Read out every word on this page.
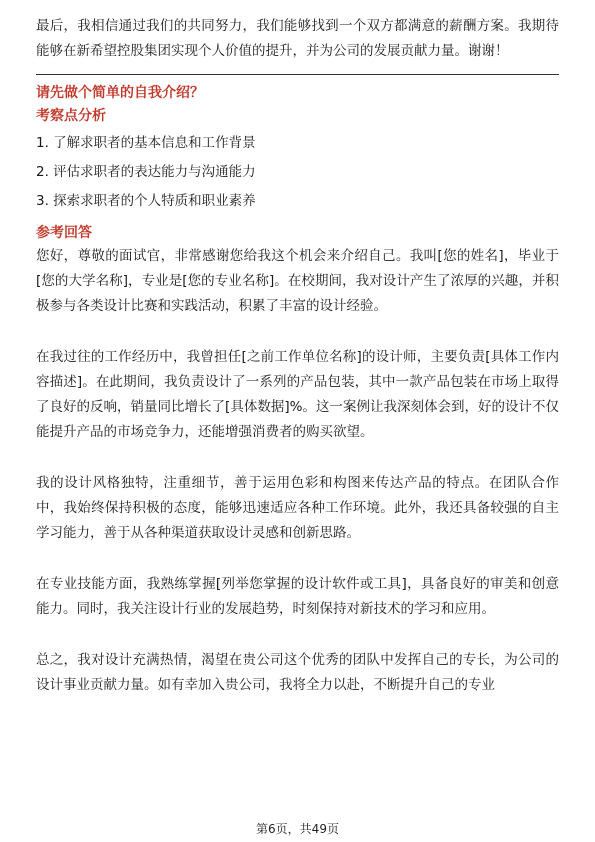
最后，我相信通过我们的共同努力，我们能够找到一个双方都满意的薪酬方案。我期待能够在新希望控股集团实现个人价值的提升，并为公司的发展贡献力量。谢谢！

请先做个简单的自我介绍？

考察点分析

1. 了解求职者的基本信息和工作背景
2. 评估求职者的表达能力与沟通能力
3. 探索求职者的个人特质和职业素养

参考回答

您好，尊敬的面试官，非常感谢您给我这个机会来介绍自己。我叫[您的姓名]，毕业于[您的大学名称]，专业是[您的专业名称]。在校期间，我对设计产生了浓厚的兴趣，并积极参与各类设计比赛和实践活动，积累了丰富的设计经验。

在我过往的工作经历中，我曾担任[之前工作单位名称]的设计师，主要负责[具体工作内容描述]。在此期间，我负责设计了一系列的产品包装，其中一款产品包装在市场上取得了良好的反响，销量同比增长了[具体数据]%。这一案例让我深刻体会到，好的设计不仅能提升产品的市场竞争力，还能增强消费者的购买欲望。

我的设计风格独特，注重细节，善于运用色彩和构图来传达产品的特点。在团队合作中，我始终保持积极的态度，能够迅速适应各种工作环境。此外，我还具备较强的自主学习能力，善于从各种渠道获取设计灵感和创新思路。

在专业技能方面，我熟练掌握[列举您掌握的设计软件或工具]，具备良好的审美和创意能力。同时，我关注设计行业的发展趋势，时刻保持对新技术的学习和应用。

总之，我对设计充满热情，渴望在贵公司这个优秀的团队中发挥自己的专长，为公司的设计事业贡献力量。如有幸加入贵公司，我将全力以赴，不断提升自己的专业

第6页，共49页
